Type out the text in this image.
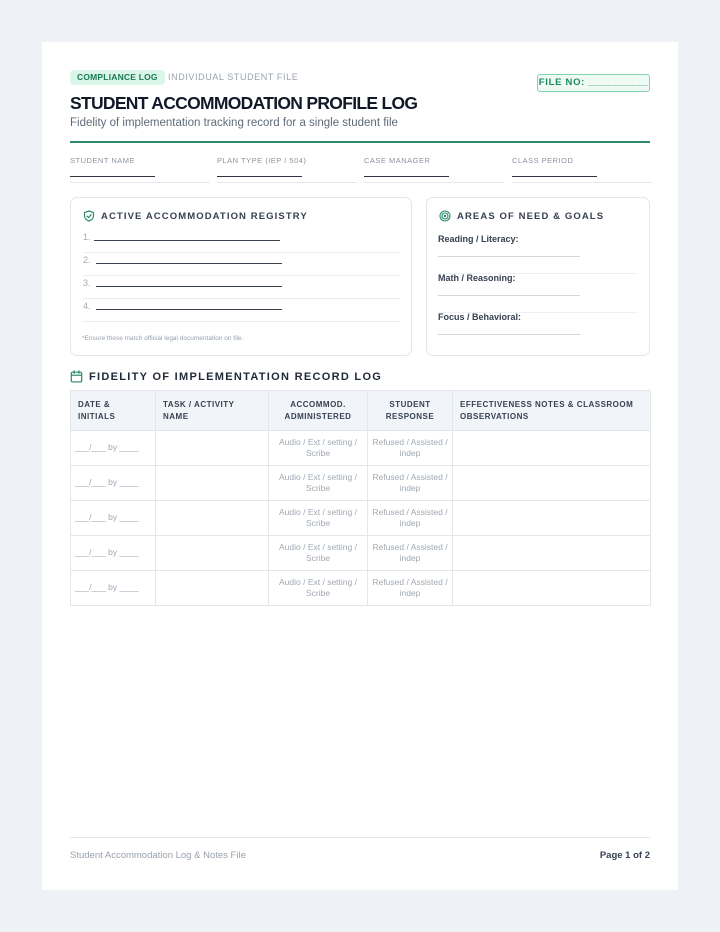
COMPLIANCE LOG	INDIVIDUAL STUDENT FILE	FILE NO: __________
STUDENT ACCOMMODATION PROFILE LOG

Fidelity of implementation tracking record for a single student file

STUDENT NAME	PLAN TYPE (IEP / 504)	CASE MANAGER	CLASS PERIOD
ACTIVE ACCOMMODATION REGISTRY
1.
2.
3.
4.
*Ensure these match official legal documentation on file.
AREAS OF NEED & GOALS
Reading / Literacy:
Math / Reasoning:
Focus / Behavioral:
FIDELITY OF IMPLEMENTATION RECORD LOG
DATE & INITIALS	TASK / ACTIVITY NAME	ACCOMMOD. ADMINISTERED	STUDENT RESPONSE	EFFECTIVENESS NOTES & CLASSROOM OBSERVATIONS
___/___ by ____		Audio / Ext / setting / Scribe	Refused / Assisted / indep	
___/___ by ____		Audio / Ext / setting / Scribe	Refused / Assisted / indep	
___/___ by ____		Audio / Ext / setting / Scribe	Refused / Assisted / indep	
___/___ by ____		Audio / Ext / setting / Scribe	Refused / Assisted / indep	
___/___ by ____		Audio / Ext / setting / Scribe	Refused / Assisted / indep	
Student Accommodation Log & Notes File	Page 1 of 2
